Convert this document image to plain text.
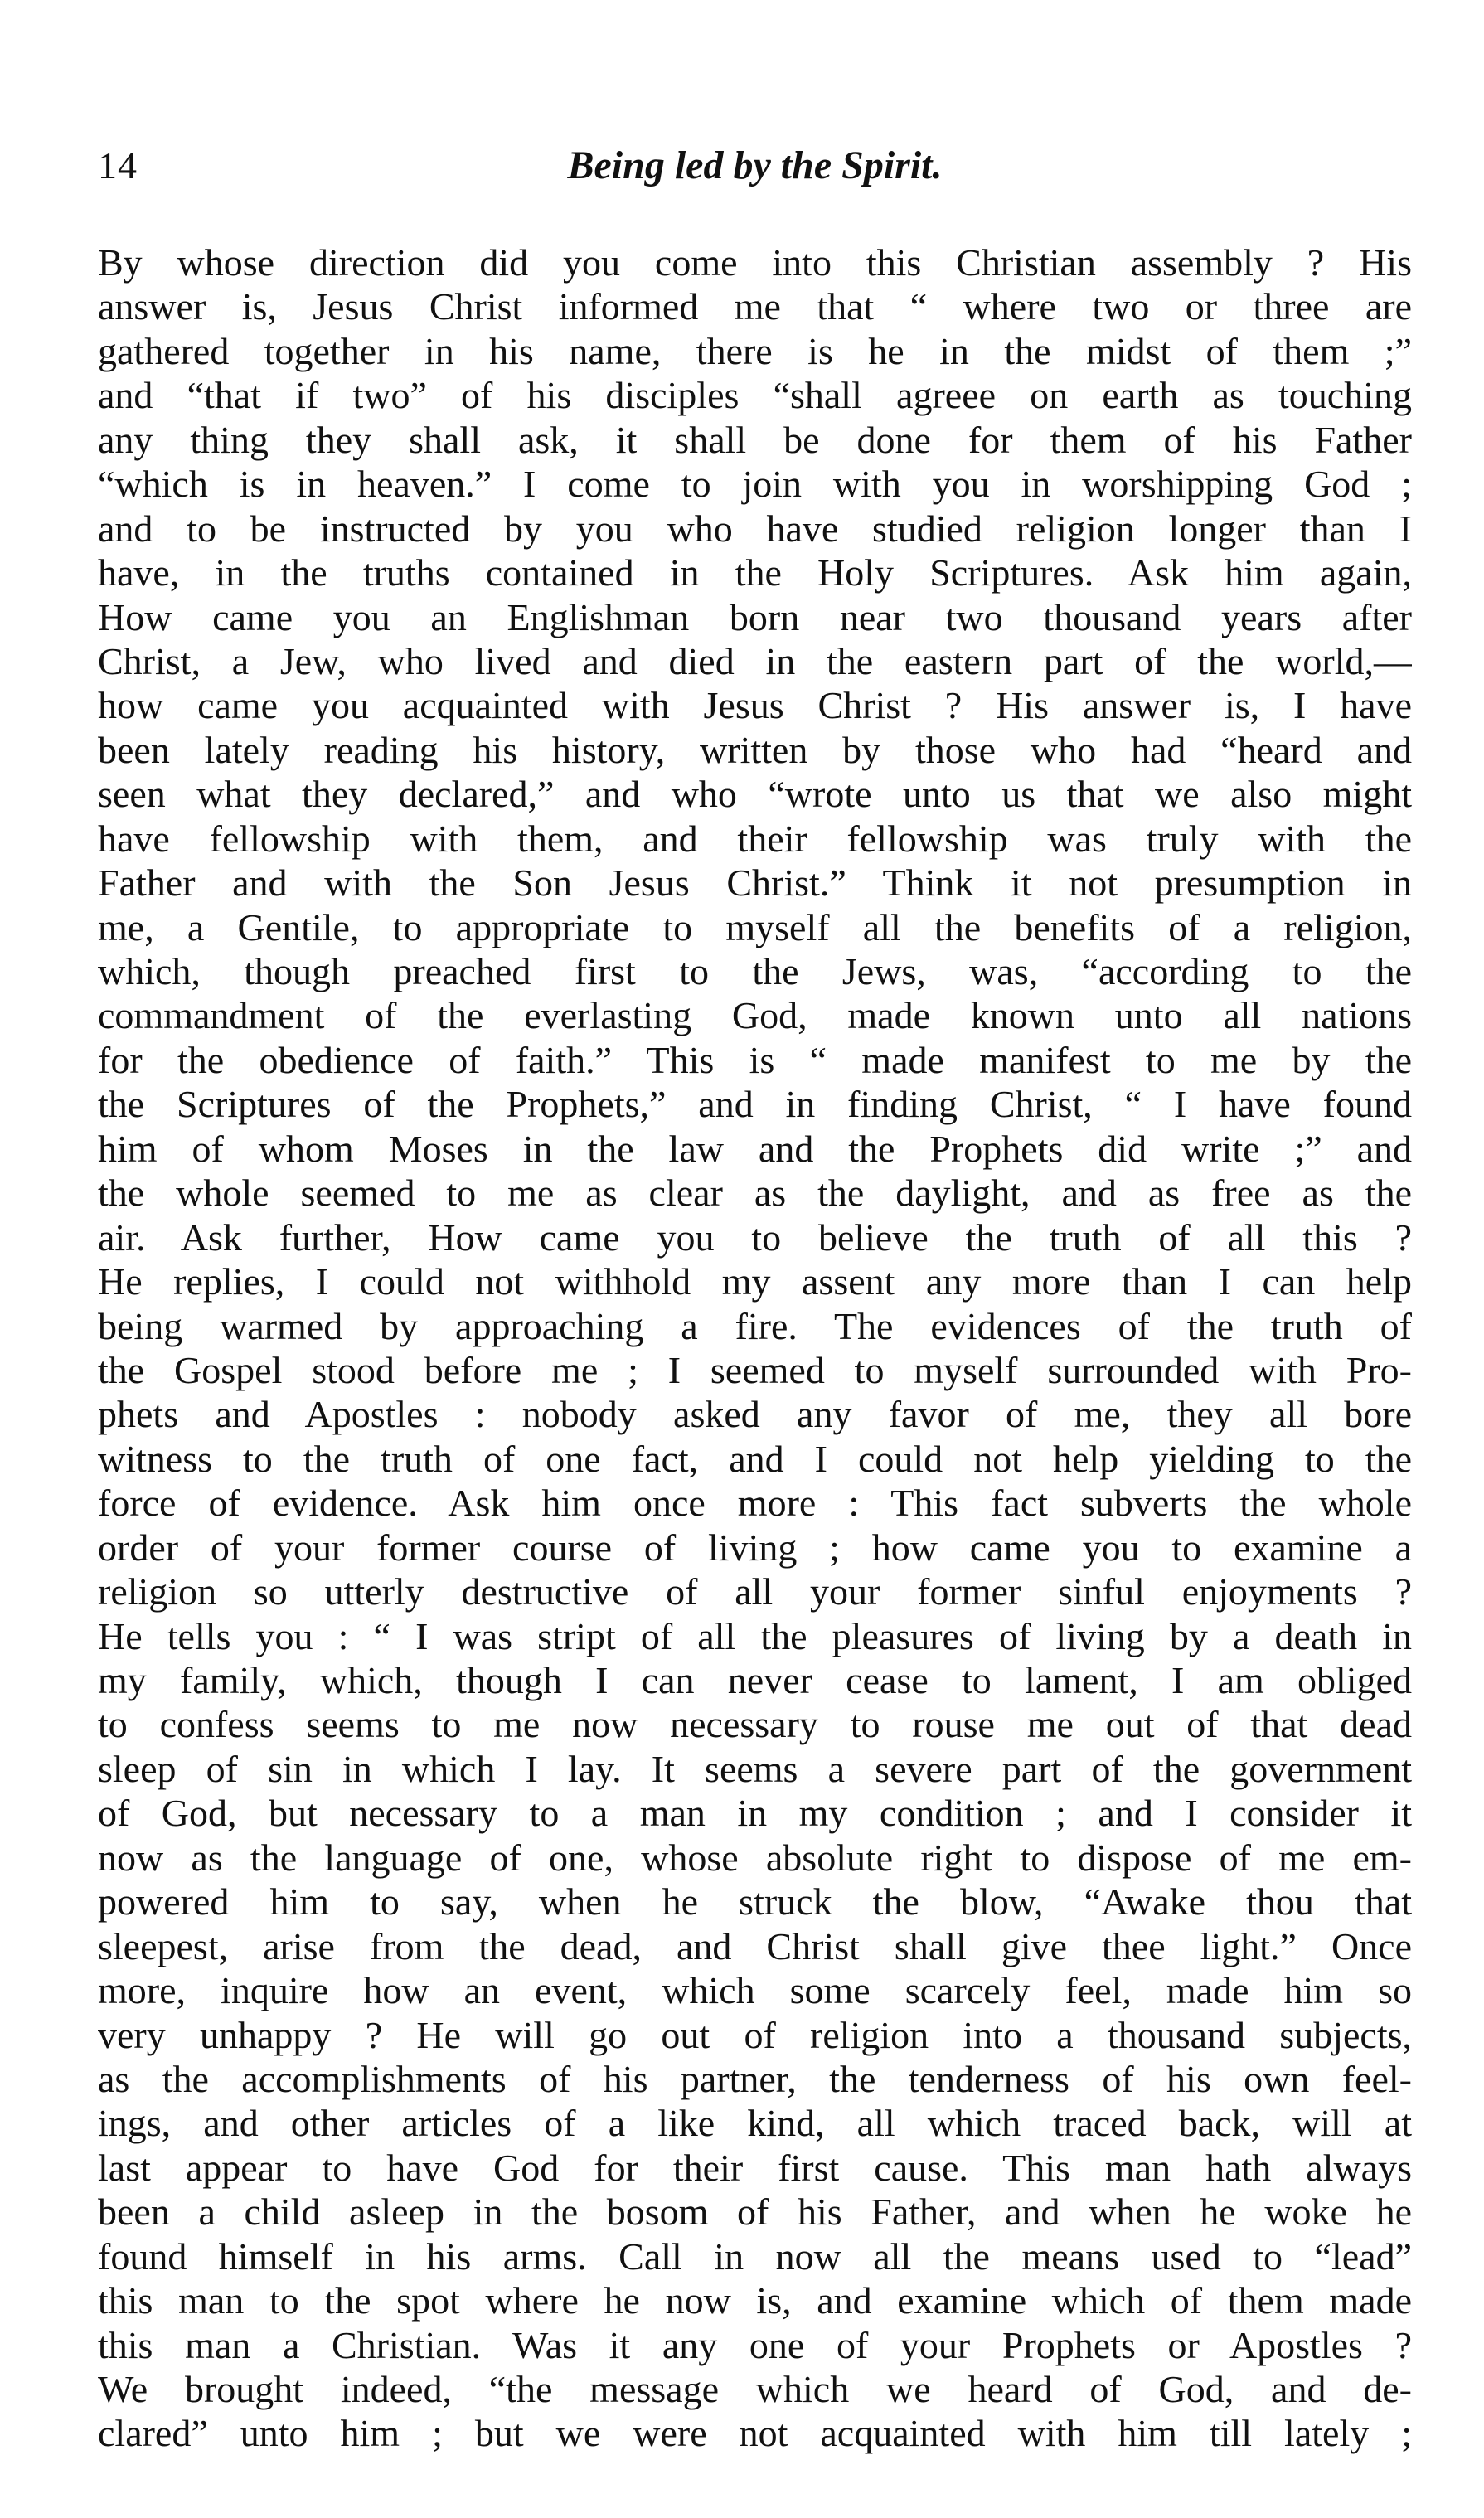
14	Being led by the Spirit.
By whose direction did you come into this Christian assembly ? His
answer is, Jesus Christ informed me that “ where two or three are
gathered together in his name, there is he in the midst of them ;”
and “that if two” of his disciples “shall agreee on earth as touching
any thing they shall ask, it shall be done for them of his Father
“which is in heaven.” I come to join with you in worshipping God ;
and to be instructed by you who have studied religion longer than I
have, in the truths contained in the Holy Scriptures. Ask him again,
How came you an Englishman born near two thousand years after
Christ, a Jew, who lived and died in the eastern part of the world,—
how came you acquainted with Jesus Christ ? His answer is, I have
been lately reading his history, written by those who had “heard and
seen what they declared,” and who “wrote unto us that we also might
have fellowship with them, and their fellowship was truly with the
Father and with the Son Jesus Christ.” Think it not presumption in
me, a Gentile, to appropriate to myself all the benefits of a religion,
which, though preached first to the Jews, was, “according to the
commandment of the everlasting God, made known unto all nations
for the obedience of faith.” This is “ made manifest to me by the
the Scriptures of the Prophets,” and in finding Christ, “ I have found
him of whom Moses in the law and the Prophets did write ;” and
the whole seemed to me as clear as the daylight, and as free as the
air. Ask further, How came you to believe the truth of all this ?
He replies, I could not withhold my assent any more than I can help
being warmed by approaching a fire. The evidences of the truth of
the Gospel stood before me ; I seemed to myself surrounded with Pro-
phets and Apostles : nobody asked any favor of me, they all bore
witness to the truth of one fact, and I could not help yielding to the
force of evidence. Ask him once more : This fact subverts the whole
order of your former course of living ; how came you to examine a
religion so utterly destructive of all your former sinful enjoyments ?
He tells you : “ I was stript of all the pleasures of living by a death in
my family, which, though I can never cease to lament, I am obliged
to confess seems to me now necessary to rouse me out of that dead
sleep of sin in which I lay. It seems a severe part of the government
of God, but necessary to a man in my condition ; and I consider it
now as the language of one, whose absolute right to dispose of me em-
powered him to say, when he struck the blow, “Awake thou that
sleepest, arise from the dead, and Christ shall give thee light.” Once
more, inquire how an event, which some scarcely feel, made him so
very unhappy ? He will go out of religion into a thousand subjects,
as the accomplishments of his partner, the tenderness of his own feel-
ings, and other articles of a like kind, all which traced back, will at
last appear to have God for their first cause. This man hath always
been a child asleep in the bosom of his Father, and when he woke he
found himself in his arms. Call in now all the means used to “lead”
this man to the spot where he now is, and examine which of them made
this man a Christian. Was it any one of your Prophets or Apostles ?
We brought indeed, “the message which we heard of God, and de-
clared” unto him ; but we were not acquainted with him till lately ;
